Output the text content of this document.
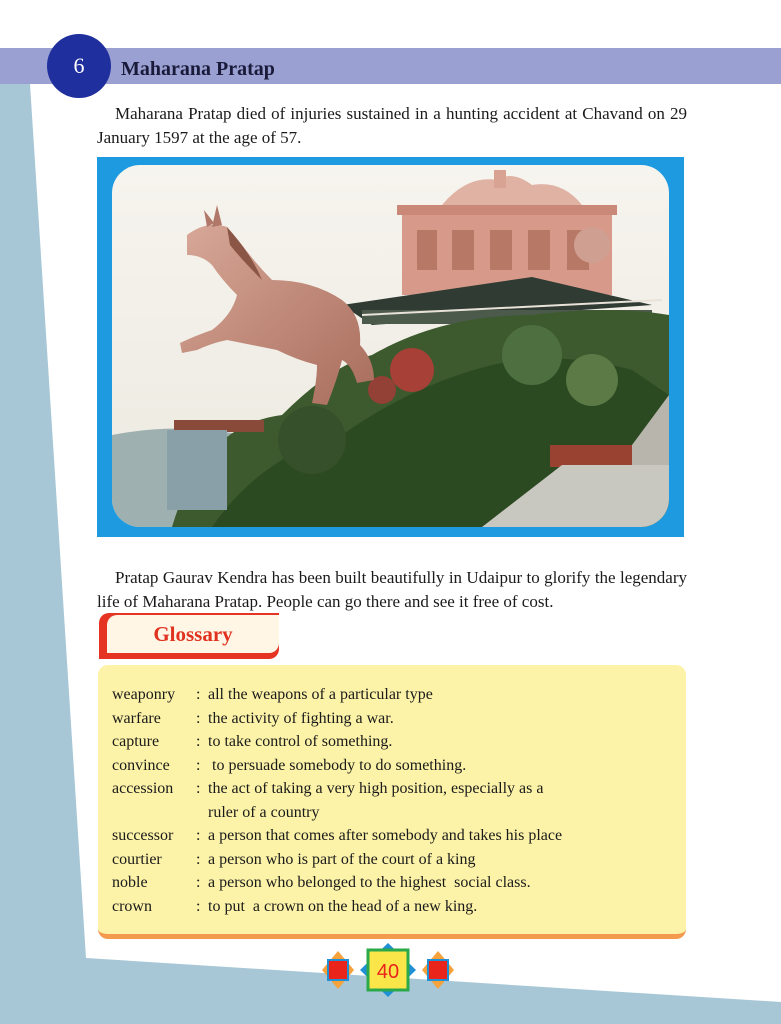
6	Maharana Pratap
Maharana Pratap died of injuries sustained in a hunting accident at Chavand on 29 January 1597 at the age of 57.
Pratap Gaurav Kendra has been built beautifully in Udaipur to glorify the legendary life of Maharana Pratap. People can go there and see it free of cost.
Glossary
weaponry	: all the weapons of a particular type
warfare	: the activity of fighting a war.
capture	: to take control of something.
convince	: to persuade somebody to do something.
accession	: the act of taking a very high position, especially as a
ruler of a country
successor	: a person that comes after somebody and takes his place
courtier	: a person who is part of the court of a king
noble	: a person who belonged to the highest  social class.
crown	: to put  a crown on the head of a new king.
40
